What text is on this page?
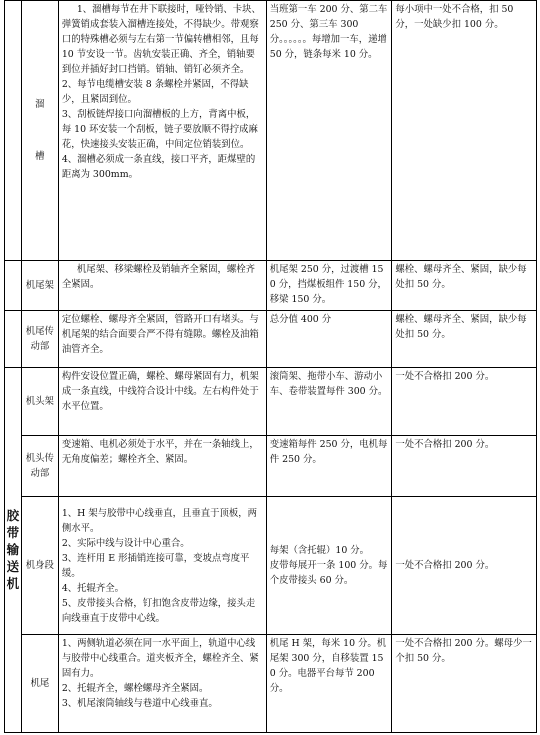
	溜

槽	1、溜槽每节在井下联接时，哑铃销、卡块、弹簧销成套装入溜槽连接处，不得缺少。带观察口的特殊槽必须与左右第一节偏转槽相邻，且每 10 节安设一节。齿轨安装正确、齐全，销轴要到位并插好封口挡销。销轴、销钉必须齐全。
2、每节电缆槽安装 8 条螺栓并紧固，不得缺少，且紧固到位。
3、刮板链焊接口向溜槽板的上方，背离中板，每 10 环安装一个刮板，链子要放顺不得拧成麻花，快速接头安装正确，中间定位销装到位。
4、溜槽必须成一条直线，接口平齐，距煤壁的距离为 300mm。	当班第一车 200 分、第二车 250 分、第三车 300 分。。。。。。每增加一车，递增 50 分，链条每米 10 分。	每小项中一处不合格，扣 50 分，一处缺少扣 100 分。

	机尾架	机尾架、移梁螺栓及销轴齐全紧固，螺栓齐全紧固。	机尾架 250 分，过渡槽 150 分，挡煤板组件 150 分，移梁 150 分。	螺栓、螺母齐全、紧固，缺少每处扣 50 分。

	机尾传动部	定位螺栓、螺母齐全紧固，管路开口有堵头。与机尾架的结合面要合严不得有缝隙。螺栓及油箱油管齐全。	总分值 400 分	螺栓、螺母齐全、紧固，缺少每处扣 50 分。

胶
带
输
送
机	机头架	构件安设位置正确，螺栓、螺母紧固有力，机架成一条直线，中线符合设计中线。左右构件处于水平位置。	滚筒架、拖带小车、游动小车、卷带装置每件 300 分。	一处不合格扣 200 分。

	机头传动部	变速箱、电机必须处于水平，并在一条轴线上，无角度偏差；螺栓齐全、紧固。	变速箱每件 250 分，电机每件 250 分。	一处不合格扣 200 分。

	机身段	1、H 架与胶带中心线垂直，且垂直于顶板，两侧水平。
2、实际中线与设计中心重合。
3、连杆用 E 形插销连接可靠，变坡点弯度平缓。
4、托辊齐全。
5、皮带接头合格，钉扣饱含皮带边缘，接头走向线垂直于皮带中心线。	每架（含托辊）10 分。
皮带每展开一条 100 分。每个皮带接头 60 分。	一处不合格扣 200 分。

	机尾	1、两侧轨道必须在同一水平面上，轨道中心线与胶带中心线重合。道夹板齐全，螺栓齐全、紧固有力。
2、托辊齐全，螺栓螺母齐全紧固。
3、机尾滚筒轴线与巷道中心线垂直。	机尾 H 架，每米 10 分。机尾架 300 分，自移装置 150 分。电器平台每节 200 分。	一处不合格扣 200 分。螺母少一个扣 50 分。
